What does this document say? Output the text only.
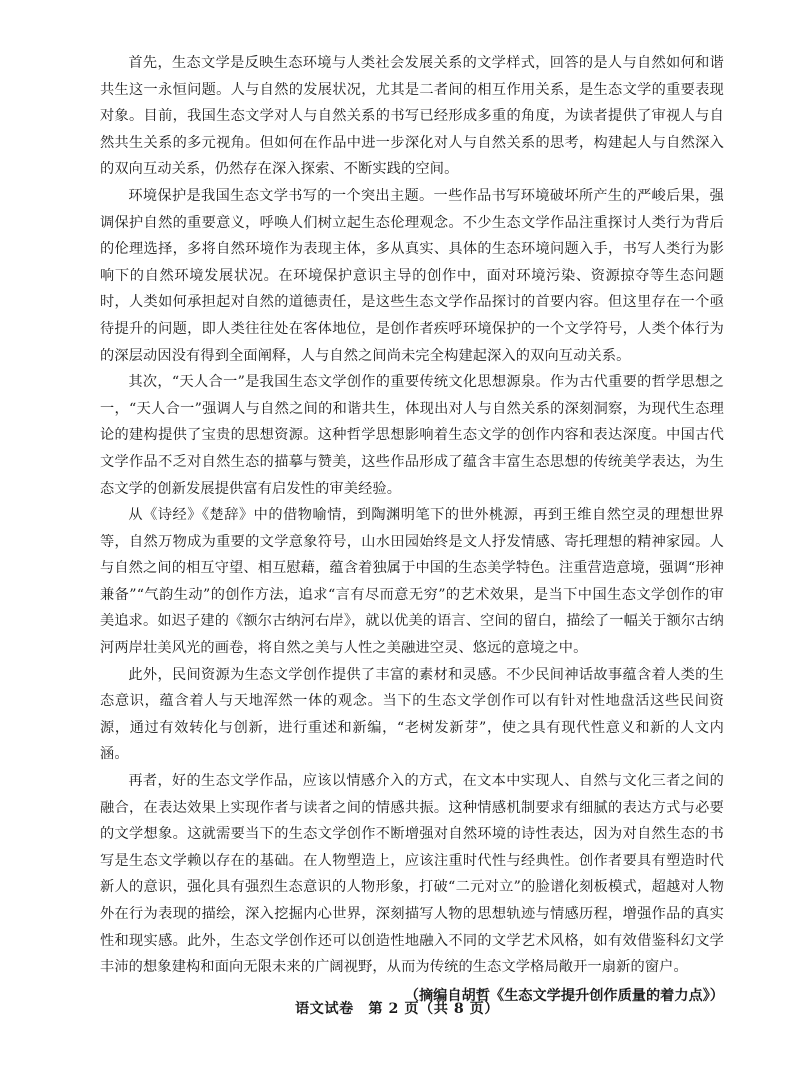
首先，生态文学是反映生态环境与人类社会发展关系的文学样式，回答的是人与自然如何和谐共生这一永恒问题。人与自然的发展状况，尤其是二者间的相互作用关系，是生态文学的重要表现对象。目前，我国生态文学对人与自然关系的书写已经形成多重的角度，为读者提供了审视人与自然共生关系的多元视角。但如何在作品中进一步深化对人与自然关系的思考，构建起人与自然深入的双向互动关系，仍然存在深入探索、不断实践的空间。

环境保护是我国生态文学书写的一个突出主题。一些作品书写环境破坏所产生的严峻后果，强调保护自然的重要意义，呼唤人们树立起生态伦理观念。不少生态文学作品注重探讨人类行为背后的伦理选择，多将自然环境作为表现主体，多从真实、具体的生态环境问题入手，书写人类行为影响下的自然环境发展状况。在环境保护意识主导的创作中，面对环境污染、资源掠夺等生态问题时，人类如何承担起对自然的道德责任，是这些生态文学作品探讨的首要内容。但这里存在一个亟待提升的问题，即人类往往处在客体地位，是创作者疾呼环境保护的一个文学符号，人类个体行为的深层动因没有得到全面阐释，人与自然之间尚未完全构建起深入的双向互动关系。

其次，“天人合一”是我国生态文学创作的重要传统文化思想源泉。作为古代重要的哲学思想之一，“天人合一”强调人与自然之间的和谐共生，体现出对人与自然关系的深刻洞察，为现代生态理论的建构提供了宝贵的思想资源。这种哲学思想影响着生态文学的创作内容和表达深度。中国古代文学作品不乏对自然生态的描摹与赞美，这些作品形成了蕴含丰富生态思想的传统美学表达，为生态文学的创新发展提供富有启发性的审美经验。

从《诗经》《楚辞》中的借物喻情，到陶渊明笔下的世外桃源，再到王维自然空灵的理想世界等，自然万物成为重要的文学意象符号，山水田园始终是文人抒发情感、寄托理想的精神家园。人与自然之间的相互守望、相互慰藉，蕴含着独属于中国的生态美学特色。注重营造意境，强调“形神兼备”“气韵生动”的创作方法，追求“言有尽而意无穷”的艺术效果，是当下中国生态文学创作的审美追求。如迟子建的《额尔古纳河右岸》，就以优美的语言、空间的留白，描绘了一幅关于额尔古纳河两岸壮美风光的画卷，将自然之美与人性之美融进空灵、悠远的意境之中。

此外，民间资源为生态文学创作提供了丰富的素材和灵感。不少民间神话故事蕴含着人类的生态意识，蕴含着人与天地浑然一体的观念。当下的生态文学创作可以有针对性地盘活这些民间资源，通过有效转化与创新，进行重述和新编，“老树发新芽”，使之具有现代性意义和新的人文内涵。

再者，好的生态文学作品，应该以情感介入的方式，在文本中实现人、自然与文化三者之间的融合，在表达效果上实现作者与读者之间的情感共振。这种情感机制要求有细腻的表达方式与必要的文学想象。这就需要当下的生态文学创作不断增强对自然环境的诗性表达，因为对自然生态的书写是生态文学赖以存在的基础。在人物塑造上，应该注重时代性与经典性。创作者要具有塑造时代新人的意识，强化具有强烈生态意识的人物形象，打破“二元对立”的脸谱化刻板模式，超越对人物外在行为表现的描绘，深入挖掘内心世界，深刻描写人物的思想轨迹与情感历程，增强作品的真实性和现实感。此外，生态文学创作还可以创造性地融入不同的文学艺术风格，如有效借鉴科幻文学丰沛的想象建构和面向无限未来的广阔视野，从而为传统的生态文学格局敞开一扇新的窗户。

（摘编自胡哲《生态文学提升创作质量的着力点》）

语文试卷　第 2 页（共 8 页）
